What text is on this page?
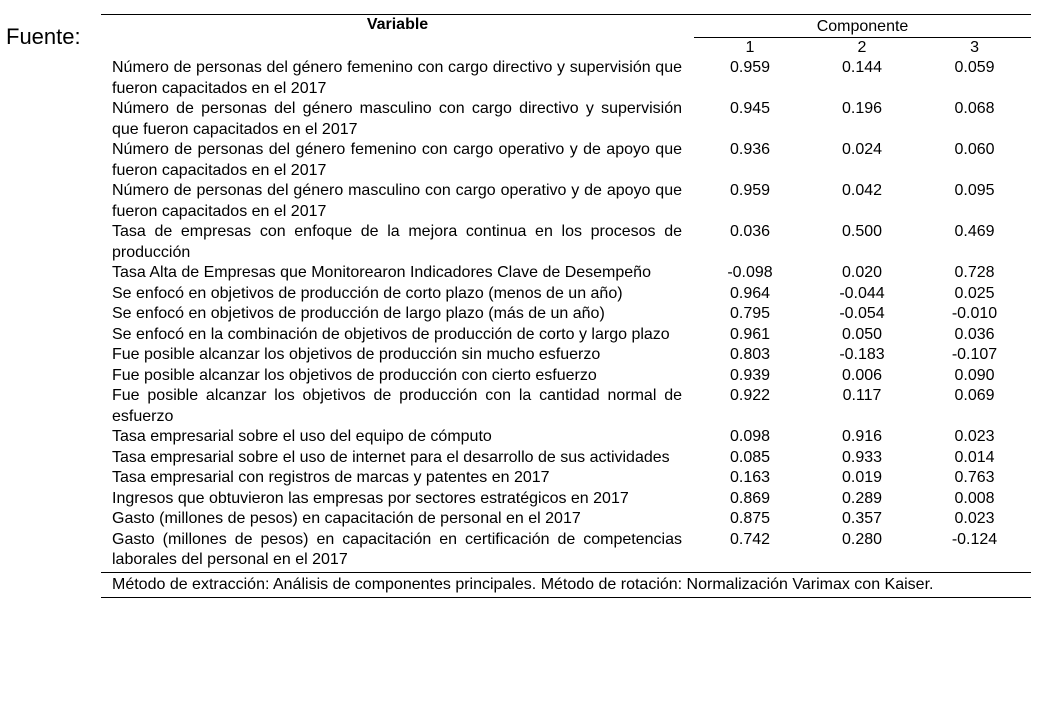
Fuente:	Variable	Componente		
	1	2	3
Número de personas del género femenino con cargo directivo y supervisión que fueron capacitados en el 2017	0.959	0.144	0.059
Número de personas del género masculino con cargo directivo y supervisión que fueron capacitados en el 2017	0.945	0.196	0.068
Número de personas del género femenino con cargo operativo y de apoyo que fueron capacitados en el 2017	0.936	0.024	0.060
Número de personas del género masculino con cargo operativo y de apoyo que fueron capacitados en el 2017	0.959	0.042	0.095
Tasa de empresas con enfoque de la mejora continua en los procesos de producción	0.036	0.500	0.469
Tasa Alta de Empresas que Monitorearon Indicadores Clave de Desempeño	-0.098	0.020	0.728
Se enfocó en objetivos de producción de corto plazo (menos de un año)	0.964	-0.044	0.025
Se enfocó en objetivos de producción de largo plazo (más de un año)	0.795	-0.054	-0.010
Se enfocó en la combinación de objetivos de producción de corto y largo plazo	0.961	0.050	0.036
Fue posible alcanzar los objetivos de producción sin mucho esfuerzo	0.803	-0.183	-0.107
Fue posible alcanzar los objetivos de producción con cierto esfuerzo	0.939	0.006	0.090
Fue posible alcanzar los objetivos de producción con la cantidad normal de esfuerzo	0.922	0.117	0.069
Tasa empresarial sobre el uso del equipo de cómputo	0.098	0.916	0.023
Tasa empresarial sobre el uso de internet para el desarrollo de sus actividades	0.085	0.933	0.014
Tasa empresarial con registros de marcas y patentes en 2017	0.163	0.019	0.763
Ingresos que obtuvieron las empresas por sectores estratégicos en 2017	0.869	0.289	0.008
Gasto (millones de pesos) en capacitación de personal en el 2017	0.875	0.357	0.023
Gasto (millones de pesos) en capacitación en certificación de competencias laborales del personal en el 2017	0.742	0.280	-0.124
Método de extracción: Análisis de componentes principales. Método de rotación: Normalización Varimax con Kaiser.			
